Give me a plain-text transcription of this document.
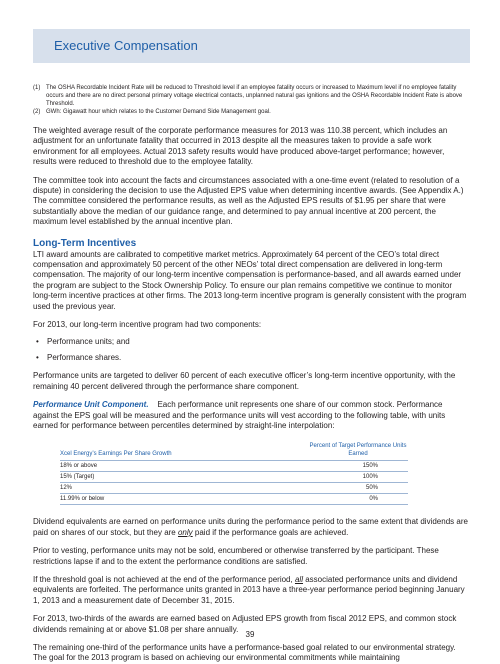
Executive Compensation
(1) The OSHA Recordable Incident Rate will be reduced to Threshold level if an employee fatality occurs or increased to Maximum level if no employee fatality occurs and there are no direct personal primary voltage electrical contacts, unplanned natural gas ignitions and the OSHA Recordable Incident Rate is above Threshold.
(2) GWh: Gigawatt hour which relates to the Customer Demand Side Management goal.

The weighted average result of the corporate performance measures for 2013 was 110.38 percent, which includes an adjustment for an unfortunate fatality that occurred in 2013 despite all the measures taken to provide a safe work environment for all employees. Actual 2013 safety results would have produced above-target performance; however, results were reduced to threshold due to the employee fatality.

The committee took into account the facts and circumstances associated with a one-time event (related to resolution of a dispute) in considering the decision to use the Adjusted EPS value when determining incentive awards. (See Appendix A.) The committee considered the performance results, as well as the Adjusted EPS results of $1.95 per share that were substantially above the median of our guidance range, and determined to pay annual incentive at 200 percent, the maximum level established by the annual incentive plan.

Long-Term Incentives

LTI award amounts are calibrated to competitive market metrics. Approximately 64 percent of the CEO’s total direct compensation and approximately 50 percent of the other NEOs’ total direct compensation are delivered in long-term compensation. The majority of our long-term incentive compensation is performance-based, and all awards earned under the program are subject to the Stock Ownership Policy. To ensure our plan remains competitive we continue to monitor long-term incentive practices at other firms. The 2013 long-term incentive program is generally consistent with the program used the previous year.

For 2013, our long-term incentive program had two components:

• Performance units; and
• Performance shares.

Performance units are targeted to deliver 60 percent of each executive officer’s long-term incentive opportunity, with the remaining 40 percent delivered through the performance share component.

Performance Unit Component. Each performance unit represents one share of our common stock. Performance against the EPS goal will be measured and the performance units will vest according to the following table, with units earned for performance between percentiles determined by straight-line interpolation:

Xcel Energy’s Earnings Per Share Growth	Percent of Target Performance Units Earned
18% or above	150%
15% (Target)	100%
12%	50%
11.99% or below	0%

Dividend equivalents are earned on performance units during the performance period to the same extent that dividends are paid on shares of our stock, but they are only paid if the performance goals are achieved.

Prior to vesting, performance units may not be sold, encumbered or otherwise transferred by the participant. These restrictions lapse if and to the extent the performance conditions are satisfied.

If the threshold goal is not achieved at the end of the performance period, all associated performance units and dividend equivalents are forfeited. The performance units granted in 2013 have a three-year performance period beginning January 1, 2013 and a measurement date of December 31, 2015.

For 2013, two-thirds of the awards are earned based on Adjusted EPS growth from fiscal 2012 EPS, and common stock dividends remaining at or above $1.08 per share annually.

The remaining one-third of the performance units have a performance-based goal related to our environmental strategy. The goal for the 2013 program is based on achieving our environmental commitments while maintaining

39
